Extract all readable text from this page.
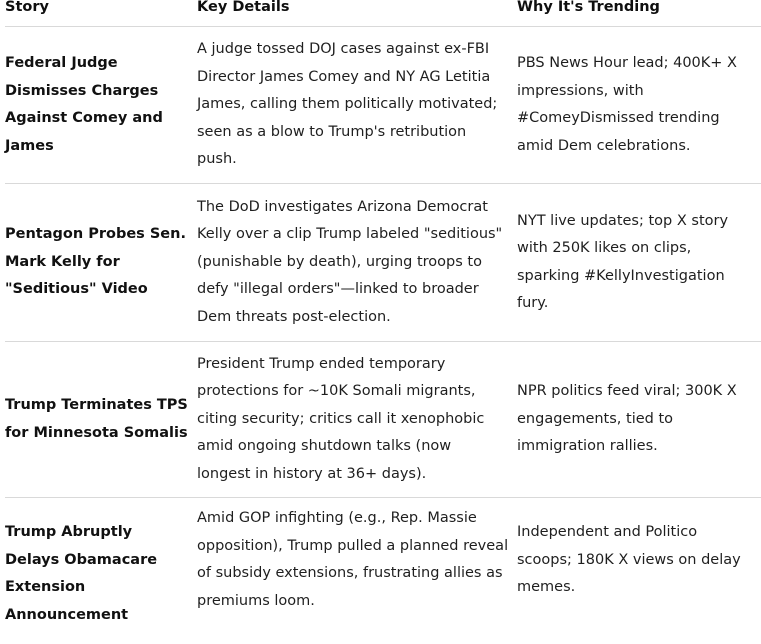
Story	Key Details	Why It's Trending
Federal Judge Dismisses Charges Against Comey and James	A judge tossed DOJ cases against ex-FBI Director James Comey and NY AG Letitia James, calling them politically motivated; seen as a blow to Trump's retribution push.	PBS News Hour lead; 400K+ X impressions, with #ComeyDismissed trending amid Dem celebrations.
Pentagon Probes Sen. Mark Kelly for "Seditious" Video	The DoD investigates Arizona Democrat Kelly over a clip Trump labeled "seditious" (punishable by death), urging troops to defy "illegal orders"—linked to broader Dem threats post-election.	NYT live updates; top X story with 250K likes on clips, sparking #KellyInvestigation fury.
Trump Terminates TPS for Minnesota Somalis	President Trump ended temporary protections for ~10K Somali migrants, citing security; critics call it xenophobic amid ongoing shutdown talks (now longest in history at 36+ days).	NPR politics feed viral; 300K X engagements, tied to immigration rallies.
Trump Abruptly Delays Obamacare Extension Announcement	Amid GOP infighting (e.g., Rep. Massie opposition), Trump pulled a planned reveal of subsidy extensions, frustrating allies as premiums loom.	Independent and Politico scoops; 180K X views on delay memes.
